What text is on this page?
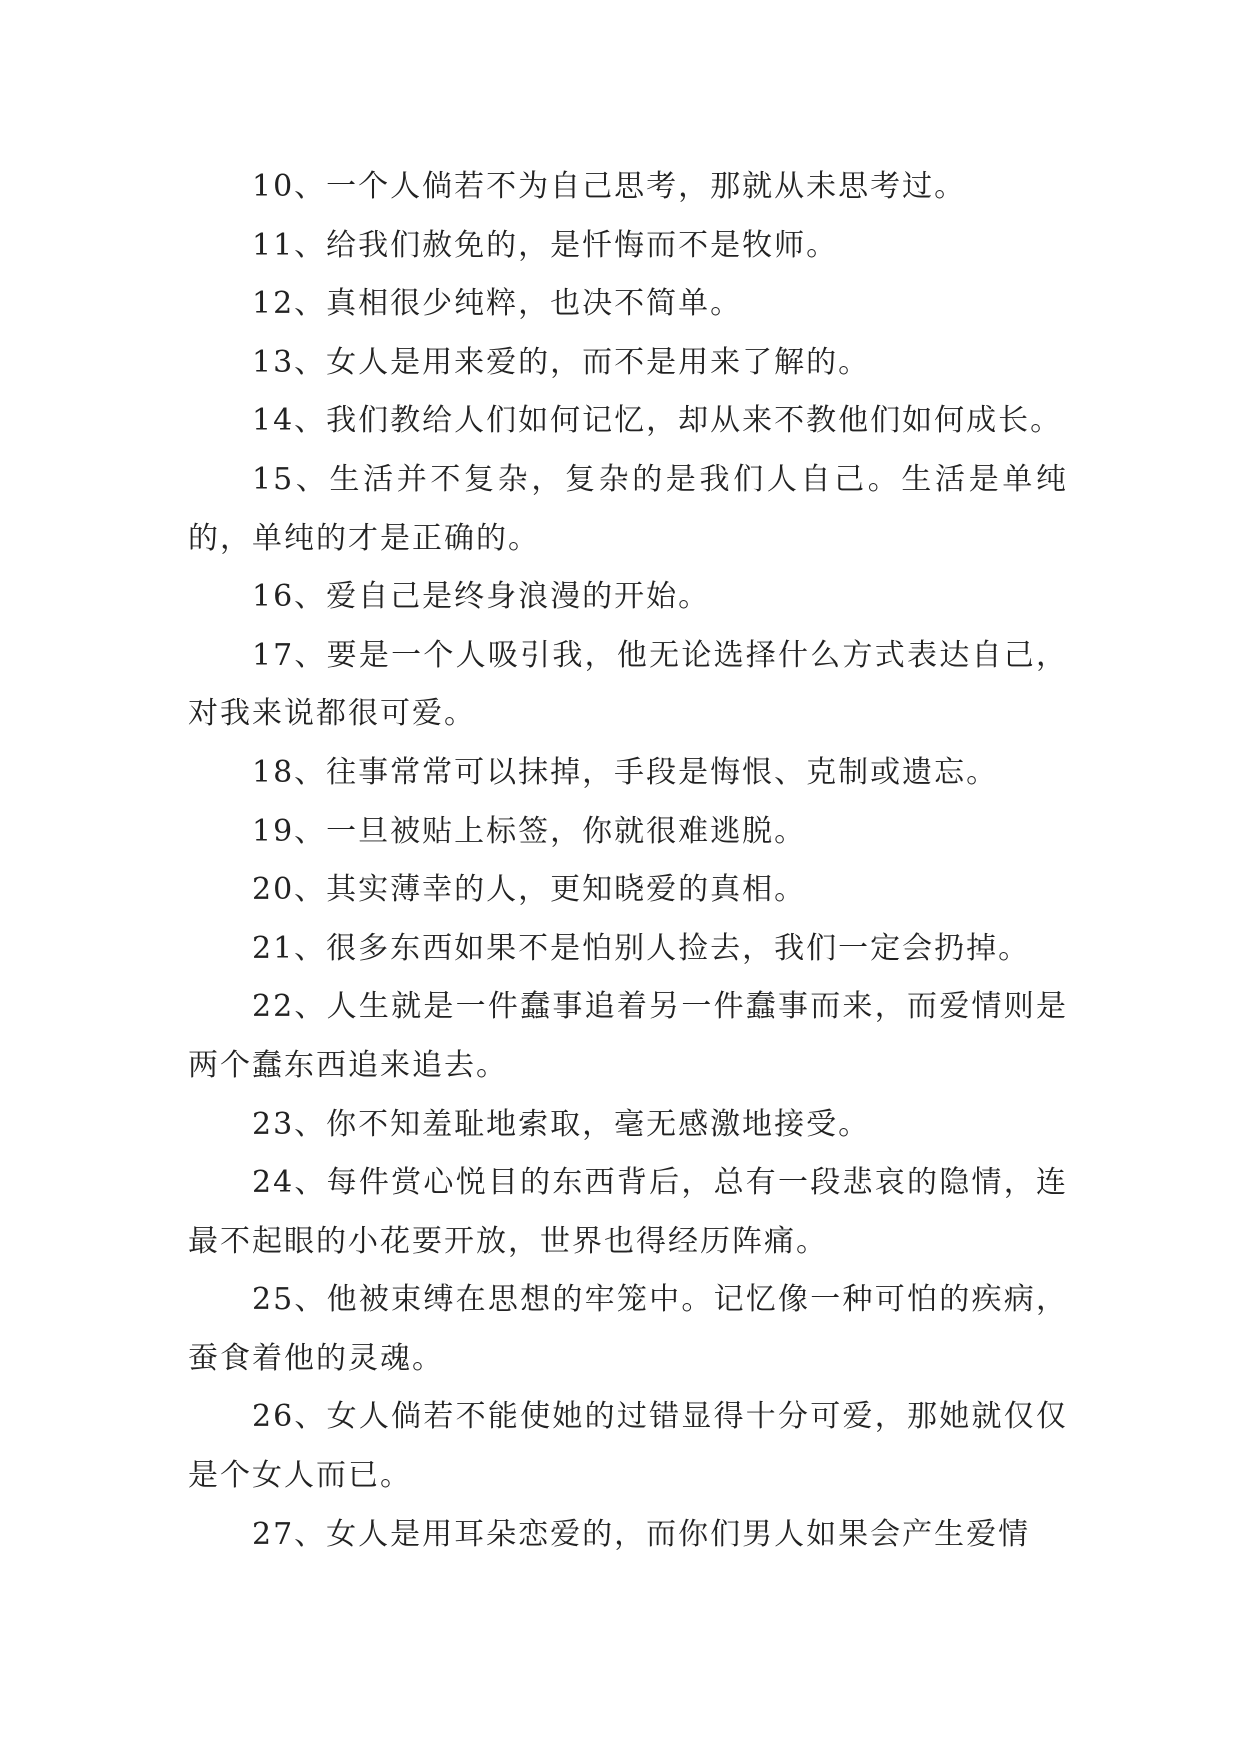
10、一个人倘若不为自己思考，那就从未思考过。

11、给我们赦免的，是忏悔而不是牧师。

12、真相很少纯粹，也决不简单。

13、女人是用来爱的，而不是用来了解的。

14、我们教给人们如何记忆，却从来不教他们如何成长。

15、生活并不复杂，复杂的是我们人自己。生活是单纯的，单纯的才是正确的。

16、爱自己是终身浪漫的开始。

17、要是一个人吸引我，他无论选择什么方式表达自己，对我来说都很可爱。

18、往事常常可以抹掉，手段是悔恨、克制或遗忘。

19、一旦被贴上标签，你就很难逃脱。

20、其实薄幸的人，更知晓爱的真相。

21、很多东西如果不是怕别人捡去，我们一定会扔掉。

22、人生就是一件蠢事追着另一件蠢事而来，而爱情则是两个蠢东西追来追去。

23、你不知羞耻地索取，毫无感激地接受。

24、每件赏心悦目的东西背后，总有一段悲哀的隐情，连最不起眼的小花要开放，世界也得经历阵痛。

25、他被束缚在思想的牢笼中。记忆像一种可怕的疾病，蚕食着他的灵魂。

26、女人倘若不能使她的过错显得十分可爱，那她就仅仅是个女人而已。

27、女人是用耳朵恋爱的，而你们男人如果会产生爱情
